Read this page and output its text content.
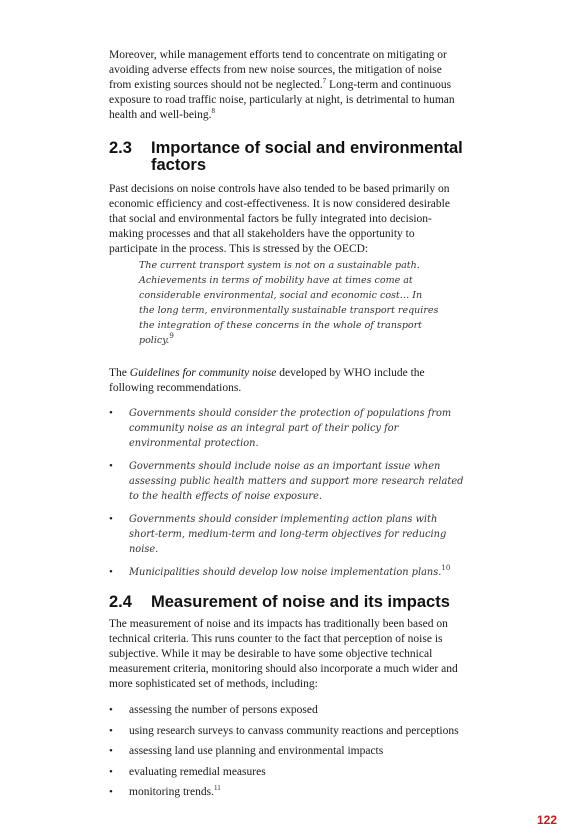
Moreover, while management efforts tend to concentrate on mitigating or avoiding adverse effects from new noise sources, the mitigation of noise from existing sources should not be neglected.$^7$ Long-term and continuous exposure to road traffic noise, particularly at night, is detrimental to human health and well-being.$^8$

2.3	Importance of social and environmental factors

Past decisions on noise controls have also tended to be based primarily on economic efficiency and cost-effectiveness. It is now considered desirable that social and environmental factors be fully integrated into decision-making processes and that all stakeholders have the opportunity to participate in the process. This is stressed by the OECD:

The current transport system is not on a sustainable path. Achievements in terms of mobility have at times come at considerable environmental, social and economic cost… In the long term, environmentally sustainable transport requires the integration of these concerns in the whole of transport policy.$^9$

The Guidelines for community noise developed by WHO include the following recommendations.

• Governments should consider the protection of populations from community noise as an integral part of their policy for environmental protection.
• Governments should include noise as an important issue when assessing public health matters and support more research related to the health effects of noise exposure.
• Governments should consider implementing action plans with short-term, medium-term and long-term objectives for reducing noise.
• Municipalities should develop low noise implementation plans.$^{10}$
2.4	Measurement of noise and its impacts

The measurement of noise and its impacts has traditionally been based on technical criteria. This runs counter to the fact that perception of noise is subjective. While it may be desirable to have some objective technical measurement criteria, monitoring should also incorporate a much wider and more sophisticated set of methods, including:

• assessing the number of persons exposed
• using research surveys to canvass community reactions and perceptions
• assessing land use planning and environmental impacts
• evaluating remedial measures
• monitoring trends.$^{11}$
122
